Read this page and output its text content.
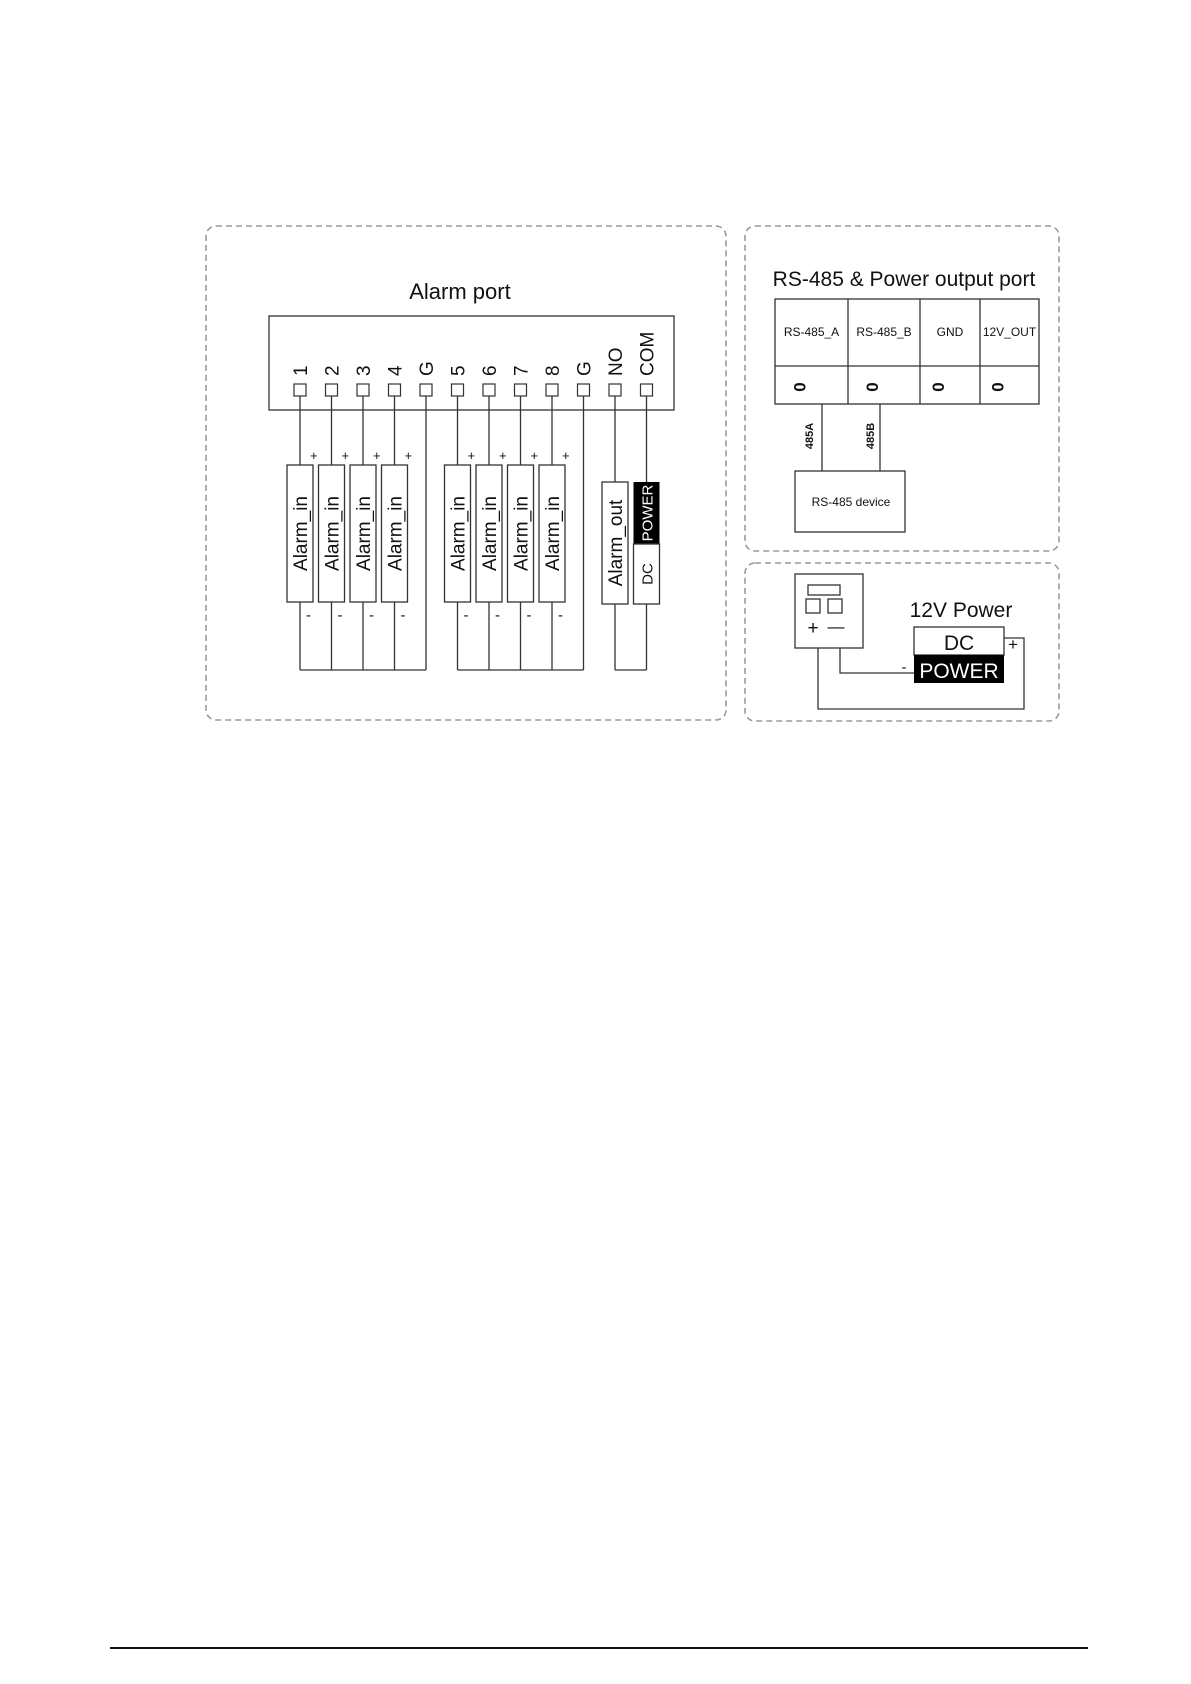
Alarm port
1 2 3 4 G 5 6 7 8 G NO COM
Alarm_in
+
-
Alarm_in
+
-
Alarm_in
+
-
Alarm_in
+
-
Alarm_in
+
-
Alarm_in
+
-
Alarm_in
+
-
Alarm_in
+
-
Alarm_out POWER
DC
RS-485 & Power output port
RS-485_A
0
RS-485_B
0
GND
0
12V_OUT
0
485A	485B
RS-485 device
+ —
12V Power
DC
POWER
+
-
